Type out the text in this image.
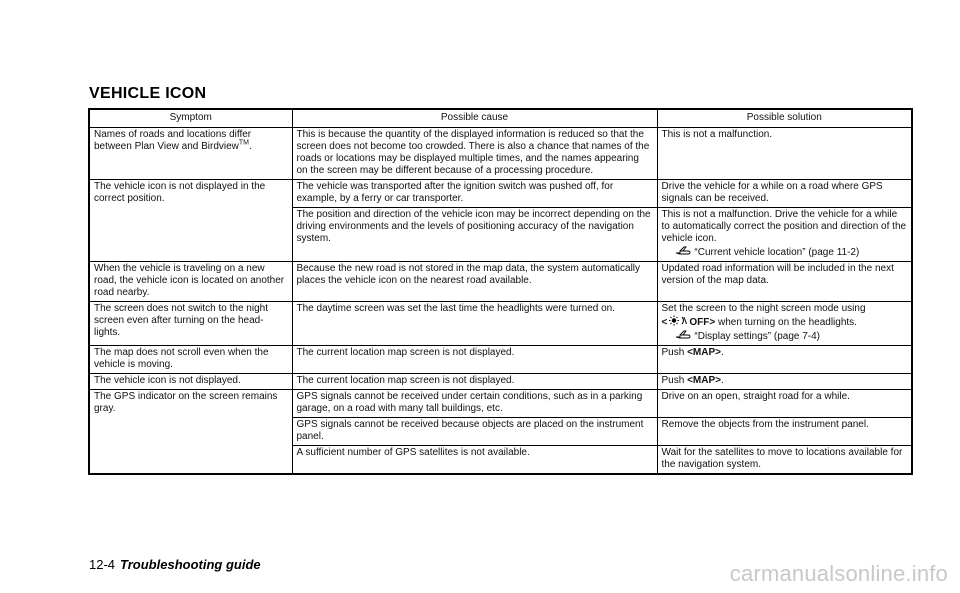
VEHICLE ICON
Symptom	Possible cause	Possible solution
Names of roads and locations differ between Plan View and Birdview™.	This is because the quantity of the displayed information is reduced so that the screen does not become too crowded. There is also a chance that names of the roads or locations may be displayed multiple times, and the names appearing on the screen may be different because of a processing procedure.	This is not a malfunction.
The vehicle icon is not displayed in the correct position.	The vehicle was transported after the ignition switch was pushed off, for example, by a ferry or car transporter.	Drive the vehicle for a while on a road where GPS signals can be received.
	The position and direction of the vehicle icon may be incorrect depending on the driving environments and the levels of positioning accuracy of the navigation system.	This is not a malfunction. Drive the vehicle for a while to automatically correct the position and direction of the vehicle icon.
“Current vehicle location” (page 11-2)

When the vehicle is traveling on a new road, the vehicle icon is located on another road nearby.	Because the new road is not stored in the map data, the system automatically places the vehicle icon on the nearest road available.	Updated road information will be included in the next version of the map data.
The screen does not switch to the night screen even after turning on the head-lights.	The daytime screen was set the last time the headlights were turned on.	Set the screen to the night screen mode using
< OFF> when turning on the headlights.
“Display settings” (page 7-4)

The map does not scroll even when the vehicle is moving.	The current location map screen is not displayed.	Push <MAP>.
The vehicle icon is not displayed.	The current location map screen is not displayed.	Push <MAP>.
The GPS indicator on the screen remains gray.	GPS signals cannot be received under certain conditions, such as in a parking garage, on a road with many tall buildings, etc.	Drive on an open, straight road for a while.
	GPS signals cannot be received because objects are placed on the instrument panel.	Remove the objects from the instrument panel.
	A sufficient number of GPS satellites is not available.	Wait for the satellites to move to locations available for the navigation system.
12-4 Troubleshooting guide	carmanualsonline.info
